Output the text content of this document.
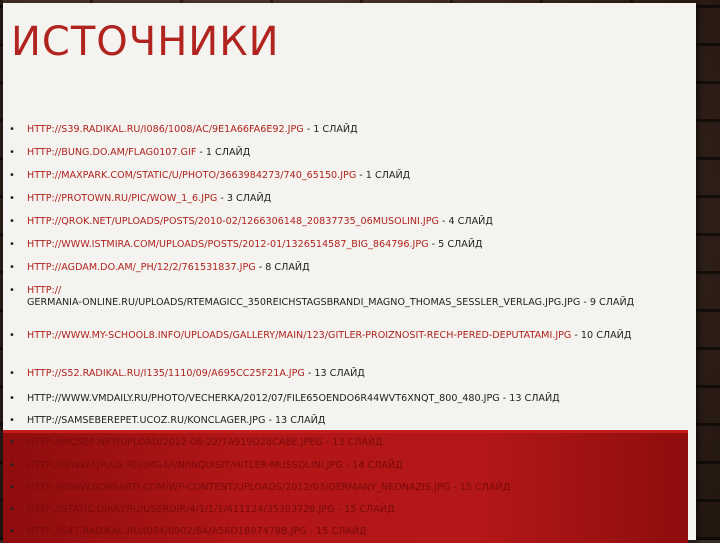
ИСТОЧНИКИ
• HTTP://S39.RADIKAL.RU/I086/1008/AC/9E1A66FA6E92.JPG - 1 СЛАЙД
• HTTP://BUNG.DO.AM/FLAG0107.GIF - 1 СЛАЙД
• HTTP://MAXPARK.COM/STATIC/U/PHOTO/3663984273/740_65150.JPG - 1 СЛАЙД
• HTTP://PROTOWN.RU/PIC/WOW_1_6.JPG - 3 СЛАЙД
• HTTP://QROK.NET/UPLOADS/POSTS/2010-02/1266306148_20837735_06MUSOLINI.JPG - 4 СЛАЙД
• HTTP://WWW.ISTMIRA.COM/UPLOADS/POSTS/2012-01/1326514587_BIG_864796.JPG - 5 СЛАЙД
• HTTP://AGDAM.DO.AM/_PH/12/2/761531837.JPG - 8 СЛАЙД
• HTTP://
GERMANIA-ONLINE.RU/UPLOADS/RTEMAGICC_350REICHSTAGSBRANDI_MAGNO_THOMAS_SESSLER_VERLAG.JPG.JPG - 9 СЛАЙД
• HTTP://WWW.MY-SCHOOL8.INFO/UPLOADS/GALLERY/MAIN/123/GITLER-PROIZNOSIT-RECH-PERED-DEPUTATAMI.JPG - 10 СЛАЙД
• HTTP://S52.RADIKAL.RU/I135/1110/09/A695CC25F21A.JPG - 13 СЛАЙД
• HTTP://WWW.VMDAILY.RU/PHOTO/VECHERKA/2012/07/FILE65OENDO6R44WVT6XNQT_800_480.JPG - 13 СЛАЙД
• HTTP://SAMSEBEREPET.UCOZ.RU/KONCLAGER.JPG - 13 СЛАЙД
• HTTP://PICSEE.NET/UPLOAD/2012-06-22/7A919D28CA8E.JPEG - 13 СЛАЙД
• HTTP://WWW.LJPLUS.RU/IMG4/I/N/INQUISIT/HITLER-MUSSOLINI.JPG - 14 СЛАЙД
• HTTP://WWW.BORSARTI.COM/WP-CONTENT/UPLOADS/2012/03/GERMANY_NEONAZIS.JPG - 15 СЛАЙД
• HTTP://STATIC.DIARY.RU/USERDIR/4/1/1/1/411124/35303728.JPG - 15 СЛАЙД
• HTTP://S47.RADIKAL.RU/I084/0902/8A/A56D1B97478B.JPG - 15 СЛАЙД
